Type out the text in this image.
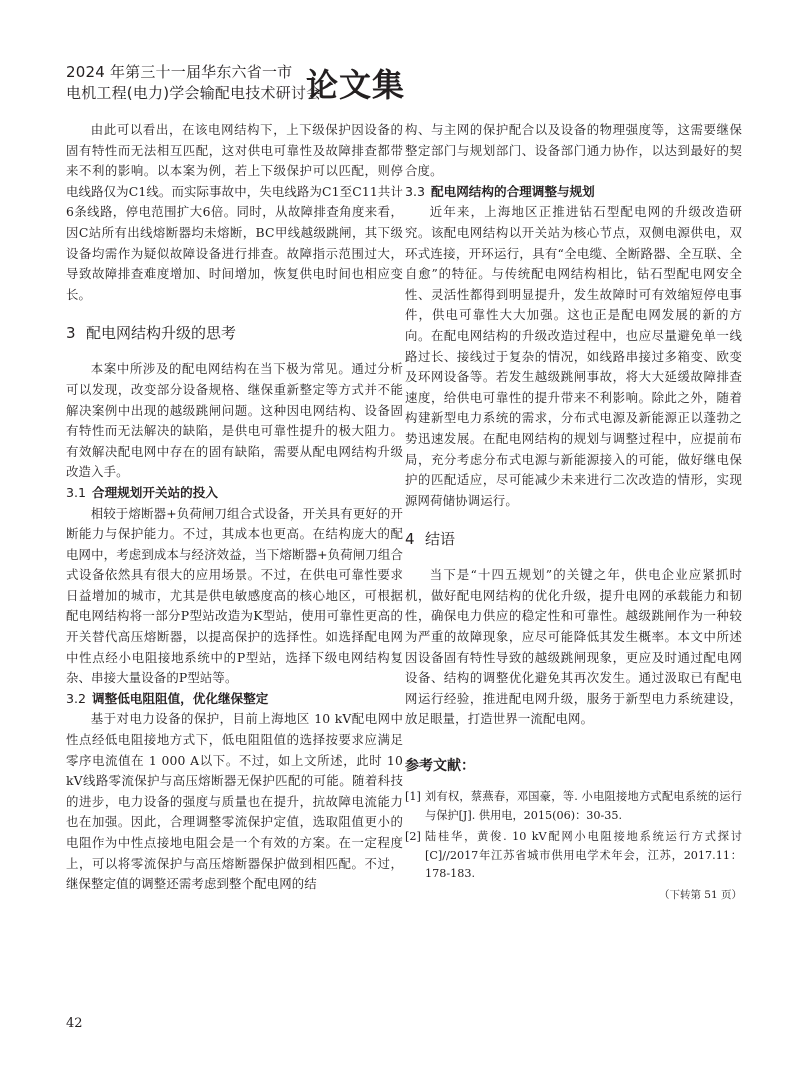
2024 年第三十一届华东六省一市
电机工程(电力)学会输配电技术研讨会
论文集

由此可以看出，在该电网结构下，上下级保护因设备的固有特性而无法相互匹配，这对供电可靠性及故障排查都带来不利的影响。以本案为例，若上下级保护可以匹配，则停电线路仅为C1线。而实际事故中，失电线路为C1至C11共计6条线路，停电范围扩大6倍。同时，从故障排查角度来看，因C站所有出线熔断器均未熔断，BC甲线越级跳闸，其下级设备均需作为疑似故障设备进行排查。故障指示范围过大，导致故障排查难度增加、时间增加，恢复供电时间也相应变长。

3 配电网结构升级的思考

本案中所涉及的配电网结构在当下极为常见。通过分析可以发现，改变部分设备规格、继保重新整定等方式并不能解决案例中出现的越级跳闸问题。这种因电网结构、设备固有特性而无法解决的缺陷，是供电可靠性提升的极大阻力。有效解决配电网中存在的固有缺陷，需要从配电网结构升级改造入手。

3.1 合理规划开关站的投入

相较于熔断器+负荷闸刀组合式设备，开关具有更好的开断能力与保护能力。不过，其成本也更高。在结构庞大的配电网中，考虑到成本与经济效益，当下熔断器+负荷闸刀组合式设备依然具有很大的应用场景。不过，在供电可靠性要求日益增加的城市，尤其是供电敏感度高的核心地区，可根据配电网结构将一部分P型站改造为K型站，使用可靠性更高的开关替代高压熔断器，以提高保护的选择性。如选择配电网中性点经小电阻接地系统中的P型站，选择下级电网结构复杂、串接大量设备的P型站等。

3.2 调整低电阻阻值，优化继保整定

基于对电力设备的保护，目前上海地区 10 kV配电网中性点经低电阻接地方式下，低电阻阻值的选择按要求应满足零序电流值在 1 000 A以下。不过，如上文所述，此时 10 kV线路零流保护与高压熔断器无保护匹配的可能。随着科技的进步，电力设备的强度与质量也在提升，抗故障电流能力也在加强。因此，合理调整零流保护定值，选取阻值更小的电阻作为中性点接地电阻会是一个有效的方案。在一定程度上，可以将零流保护与高压熔断器保护做到相匹配。不过，继保整定值的调整还需考虑到整个配电网的结

构、与主网的保护配合以及设备的物理强度等，这需要继保整定部门与规划部门、设备部门通力协作，以达到最好的契合度。

3.3 配电网结构的合理调整与规划

近年来，上海地区正推进钻石型配电网的升级改造研究。该配电网结构以开关站为核心节点，双侧电源供电，双环式连接，开环运行，具有“全电缆、全断路器、全互联、全自愈”的特征。与传统配电网结构相比，钻石型配电网安全性、灵活性都得到明显提升，发生故障时可有效缩短停电事件，供电可靠性大大加强。这也正是配电网发展的新的方向。在配电网结构的升级改造过程中，也应尽量避免单一线路过长、接线过于复杂的情况，如线路串接过多箱变、欧变及环网设备等。若发生越级跳闸事故，将大大延缓故障排查速度，给供电可靠性的提升带来不利影响。除此之外，随着构建新型电力系统的需求，分布式电源及新能源正以蓬勃之势迅速发展。在配电网结构的规划与调整过程中，应提前布局，充分考虑分布式电源与新能源接入的可能，做好继电保护的匹配适应，尽可能减少未来进行二次改造的情形，实现源网荷储协调运行。

4 结语

当下是“十四五规划”的关键之年，供电企业应紧抓时机，做好配电网结构的优化升级，提升电网的承载能力和韧性，确保电力供应的稳定性和可靠性。越级跳闸作为一种较为严重的故障现象，应尽可能降低其发生概率。本文中所述因设备固有特性导致的越级跳闸现象，更应及时通过配电网设备、结构的调整优化避免其再次发生。通过汲取已有配电网运行经验，推进配电网升级，服务于新型电力系统建设，放足眼量，打造世界一流配电网。

参考文献：
[1] 刘有权，蔡燕春，邓国豪，等. 小电阻接地方式配电系统的运行与保护[J]. 供用电，2015(06)：30-35.
[2] 陆桂华，黄俊. 10 kV配网小电阻接地系统运行方式探讨[C]//2017年江苏省城市供用电学术年会，江苏，2017.11：178-183.
（下转第 51 页）
42
